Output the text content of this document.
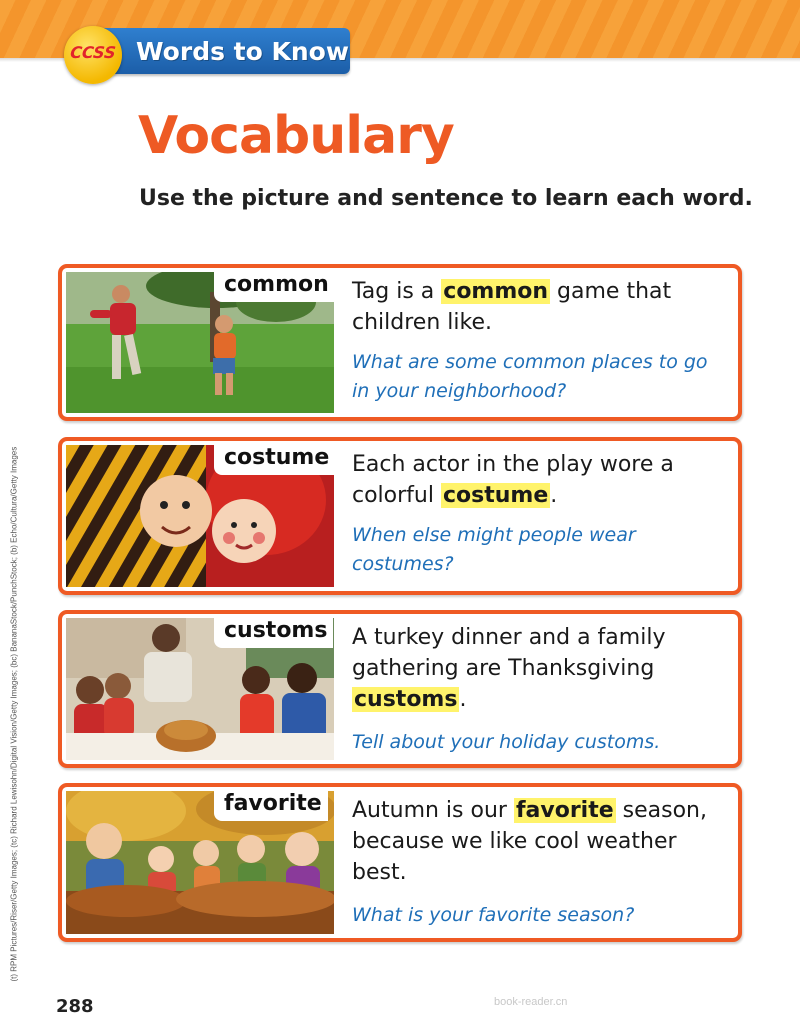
Words to Know
CCSS
Vocabulary
Use the picture and sentence to learn each word.
common Tag is a common game that children like.
What are some common places to go in your neighborhood?
costume Each actor in the play wore a colorful costume.
When else might people wear costumes?
customs A turkey dinner and a family gathering are Thanksgiving customs.
Tell about your holiday customs.
favorite Autumn is our favorite season, because we like cool weather best.
What is your favorite season?
(t) RPM Pictures/Riser/Getty Images; (tc) Richard Lewisohn/Digital Vision/Getty Images; (bc) BananaStock/PunchStock; (b) Echo/Cultura/Getty Images
288	book-reader.cn
